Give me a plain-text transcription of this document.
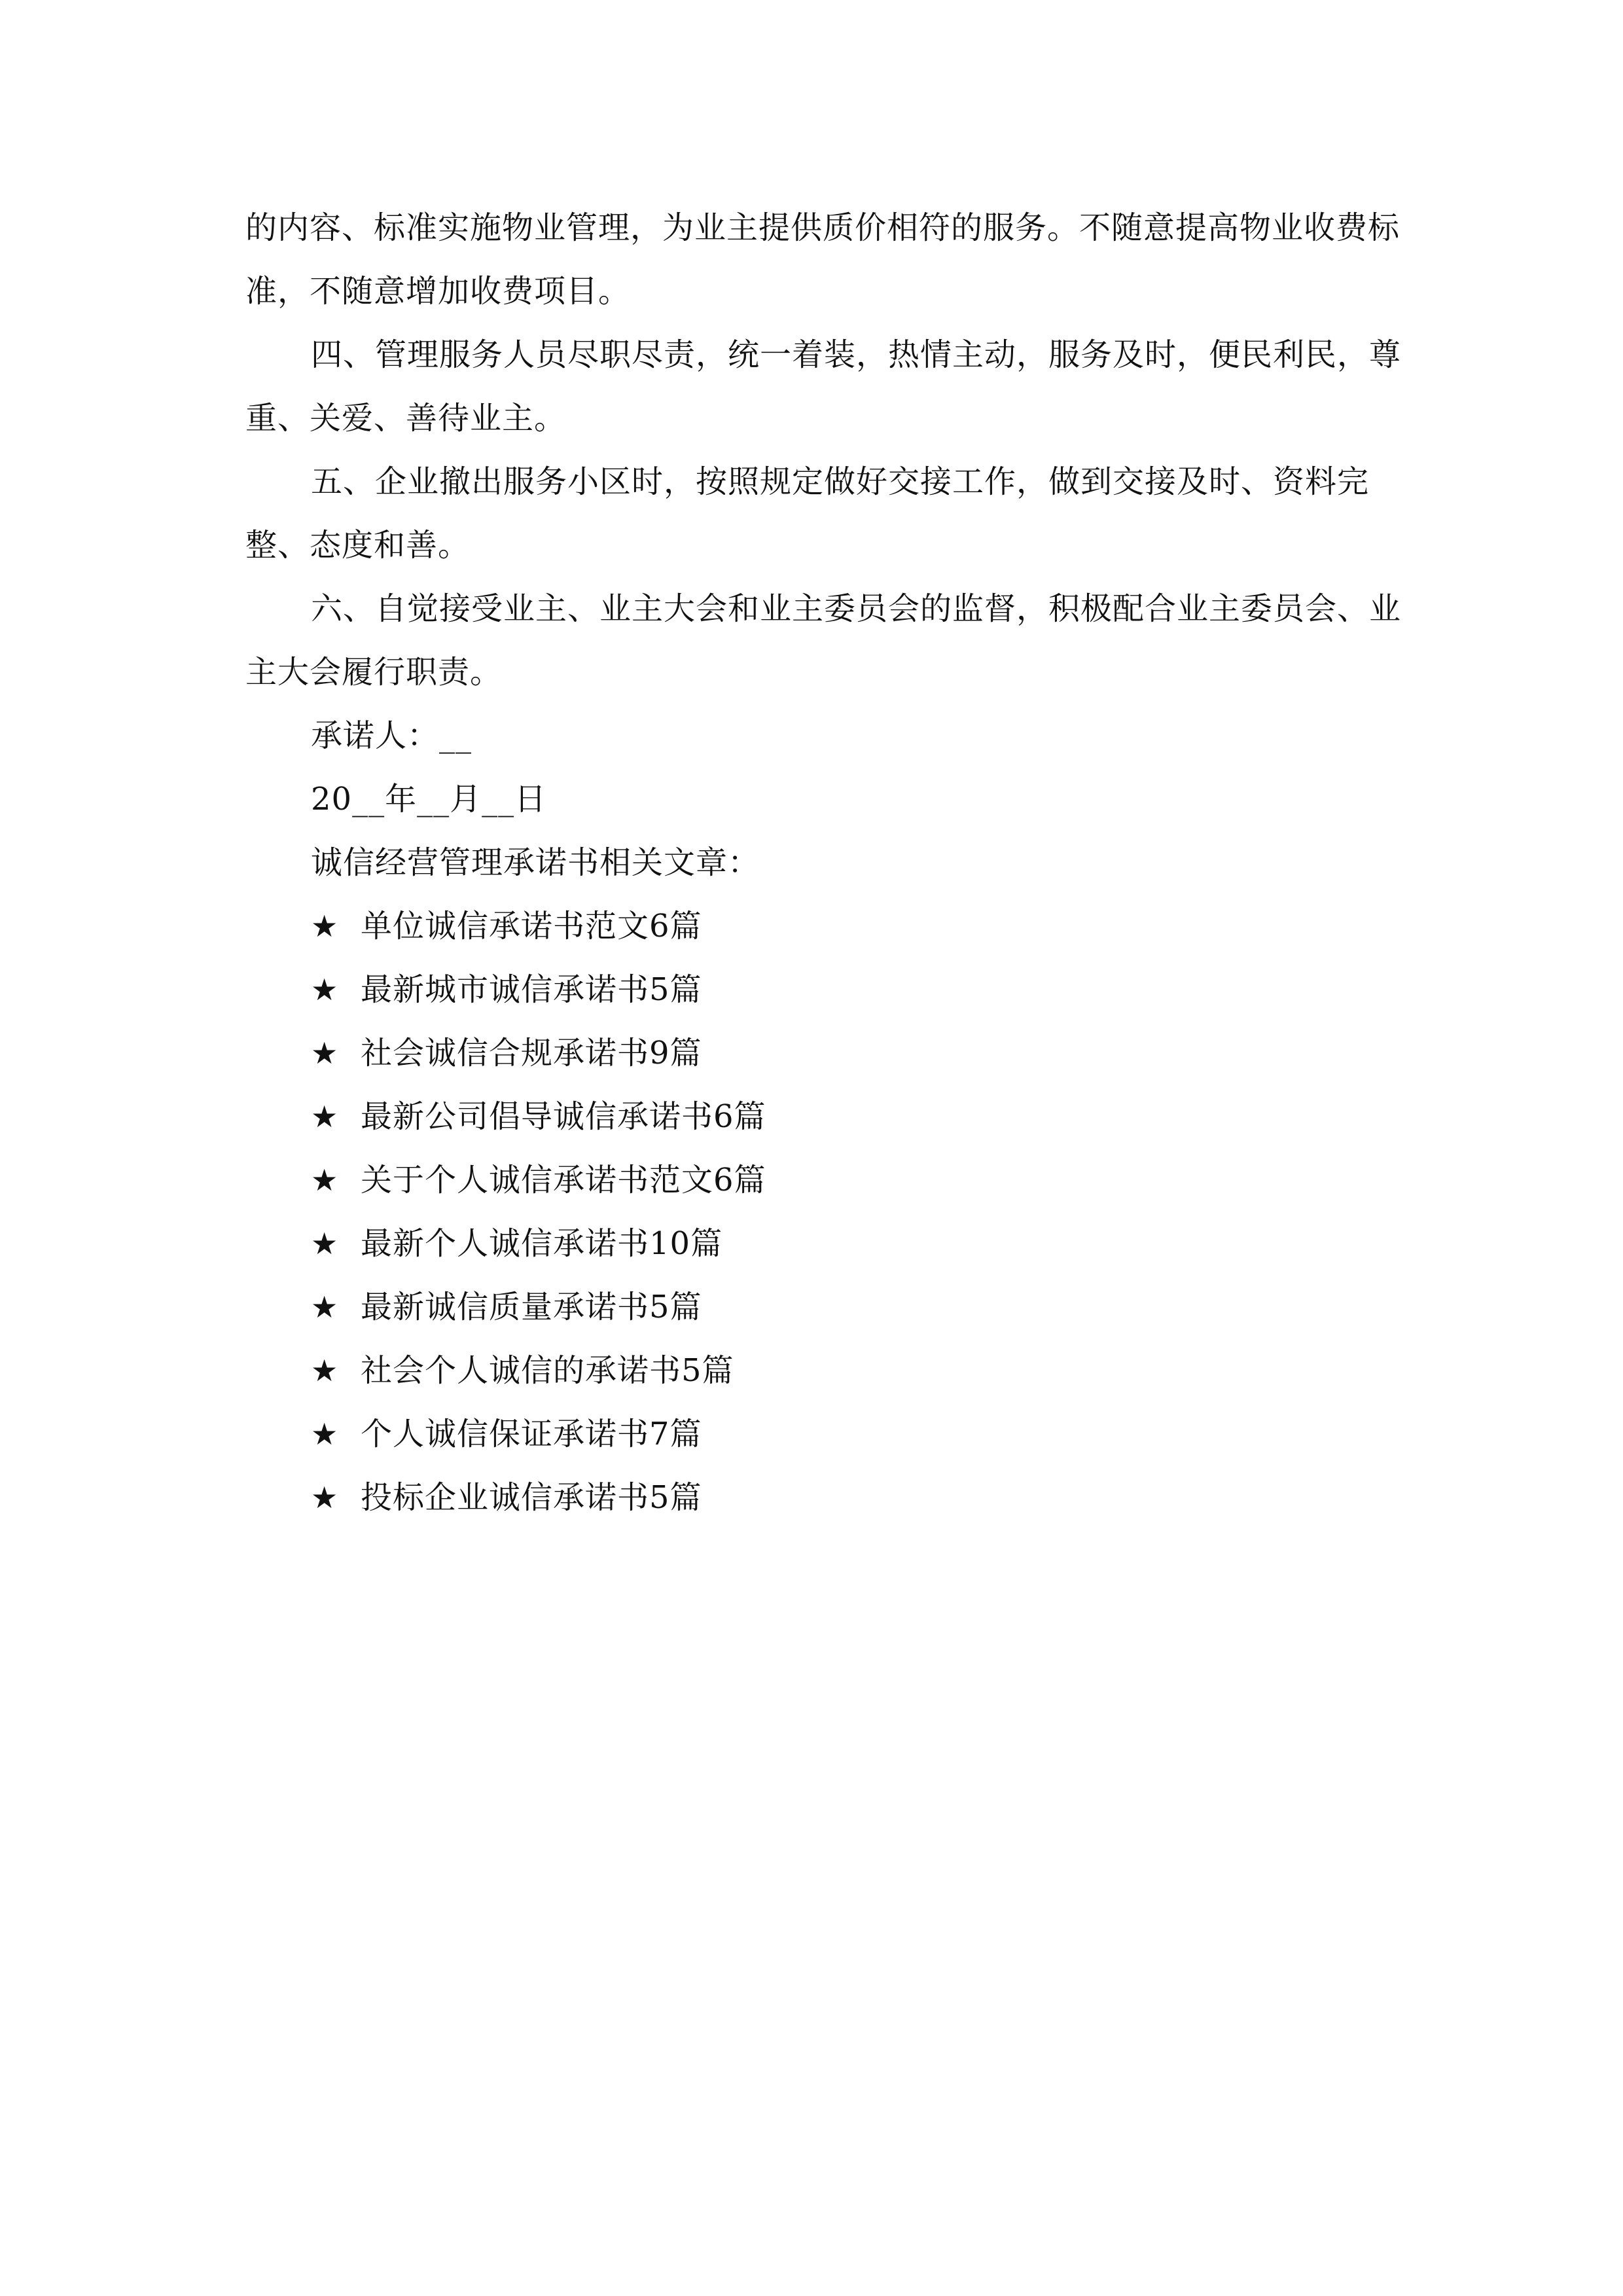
的内容、标准实施物业管理，为业主提供质价相符的服务。不随意提高物业收费标准，不随意增加收费项目。

四、管理服务人员尽职尽责，统一着装，热情主动，服务及时，便民利民，尊重、关爱、善待业主。

五、企业撤出服务小区时，按照规定做好交接工作，做到交接及时、资料完整、态度和善。

六、自觉接受业主、业主大会和业主委员会的监督，积极配合业主委员会、业主大会履行职责。

承诺人：__

20__年__月__日

诚信经营管理承诺书相关文章：

★ 单位诚信承诺书范文6篇
★ 最新城市诚信承诺书5篇
★ 社会诚信合规承诺书9篇
★ 最新公司倡导诚信承诺书6篇
★ 关于个人诚信承诺书范文6篇
★ 最新个人诚信承诺书10篇
★ 最新诚信质量承诺书5篇
★ 社会个人诚信的承诺书5篇
★ 个人诚信保证承诺书7篇
★ 投标企业诚信承诺书5篇
